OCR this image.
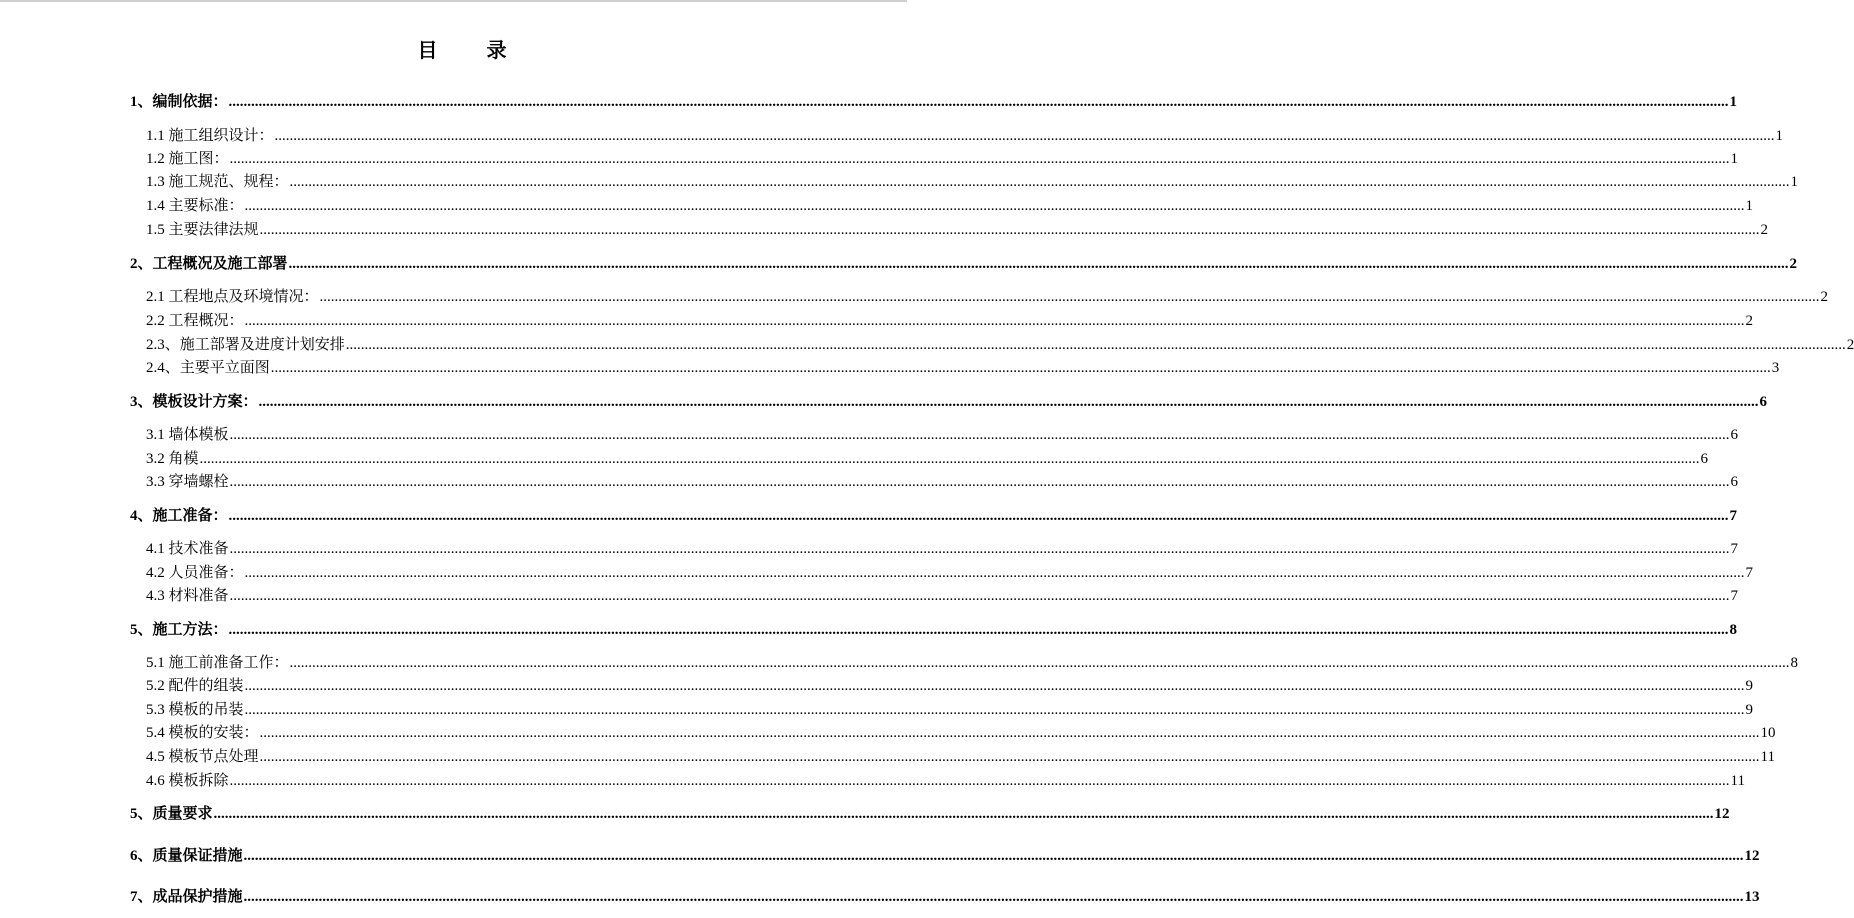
目 录
1、编制依据： ................................................................................................................................................................................................................................................................................................................................................................................................................ 1
1.1 施工组织设计： ................................................................................................................................................................................................................................................................................................................................................................................................................ 1
1.2 施工图： ................................................................................................................................................................................................................................................................................................................................................................................................................ 1
1.3 施工规范、规程： ................................................................................................................................................................................................................................................................................................................................................................................................................ 1
1.4 主要标准： ................................................................................................................................................................................................................................................................................................................................................................................................................ 1
1.5 主要法律法规 ................................................................................................................................................................................................................................................................................................................................................................................................................ 2
2、工程概况及施工部署 ................................................................................................................................................................................................................................................................................................................................................................................................................ 2
2.1 工程地点及环境情况： ................................................................................................................................................................................................................................................................................................................................................................................................................ 2
2.2 工程概况： ................................................................................................................................................................................................................................................................................................................................................................................................................ 2
2.3、施工部署及进度计划安排 ................................................................................................................................................................................................................................................................................................................................................................................................................ 2
2.4、主要平立面图 ................................................................................................................................................................................................................................................................................................................................................................................................................ 3
3、模板设计方案： ................................................................................................................................................................................................................................................................................................................................................................................................................ 6
3.1 墙体模板 ................................................................................................................................................................................................................................................................................................................................................................................................................ 6
3.2 角模 ................................................................................................................................................................................................................................................................................................................................................................................................................ 6
3.3 穿墙螺栓 ................................................................................................................................................................................................................................................................................................................................................................................................................ 6
4、施工准备： ................................................................................................................................................................................................................................................................................................................................................................................................................ 7
4.1 技术准备 ................................................................................................................................................................................................................................................................................................................................................................................................................ 7
4.2 人员准备： ................................................................................................................................................................................................................................................................................................................................................................................................................ 7
4.3 材料准备 ................................................................................................................................................................................................................................................................................................................................................................................................................ 7
5、施工方法： ................................................................................................................................................................................................................................................................................................................................................................................................................ 8
5.1 施工前准备工作： ................................................................................................................................................................................................................................................................................................................................................................................................................ 8
5.2 配件的组装 ................................................................................................................................................................................................................................................................................................................................................................................................................ 9
5.3 模板的吊装 ................................................................................................................................................................................................................................................................................................................................................................................................................ 9
5.4 模板的安装： ................................................................................................................................................................................................................................................................................................................................................................................................................ 10
4.5 模板节点处理 ................................................................................................................................................................................................................................................................................................................................................................................................................ 11
4.6 模板拆除 ................................................................................................................................................................................................................................................................................................................................................................................................................ 11
5、质量要求 ................................................................................................................................................................................................................................................................................................................................................................................................................ 12
6、质量保证措施 ................................................................................................................................................................................................................................................................................................................................................................................................................ 12
7、成品保护措施 ................................................................................................................................................................................................................................................................................................................................................................................................................ 13
